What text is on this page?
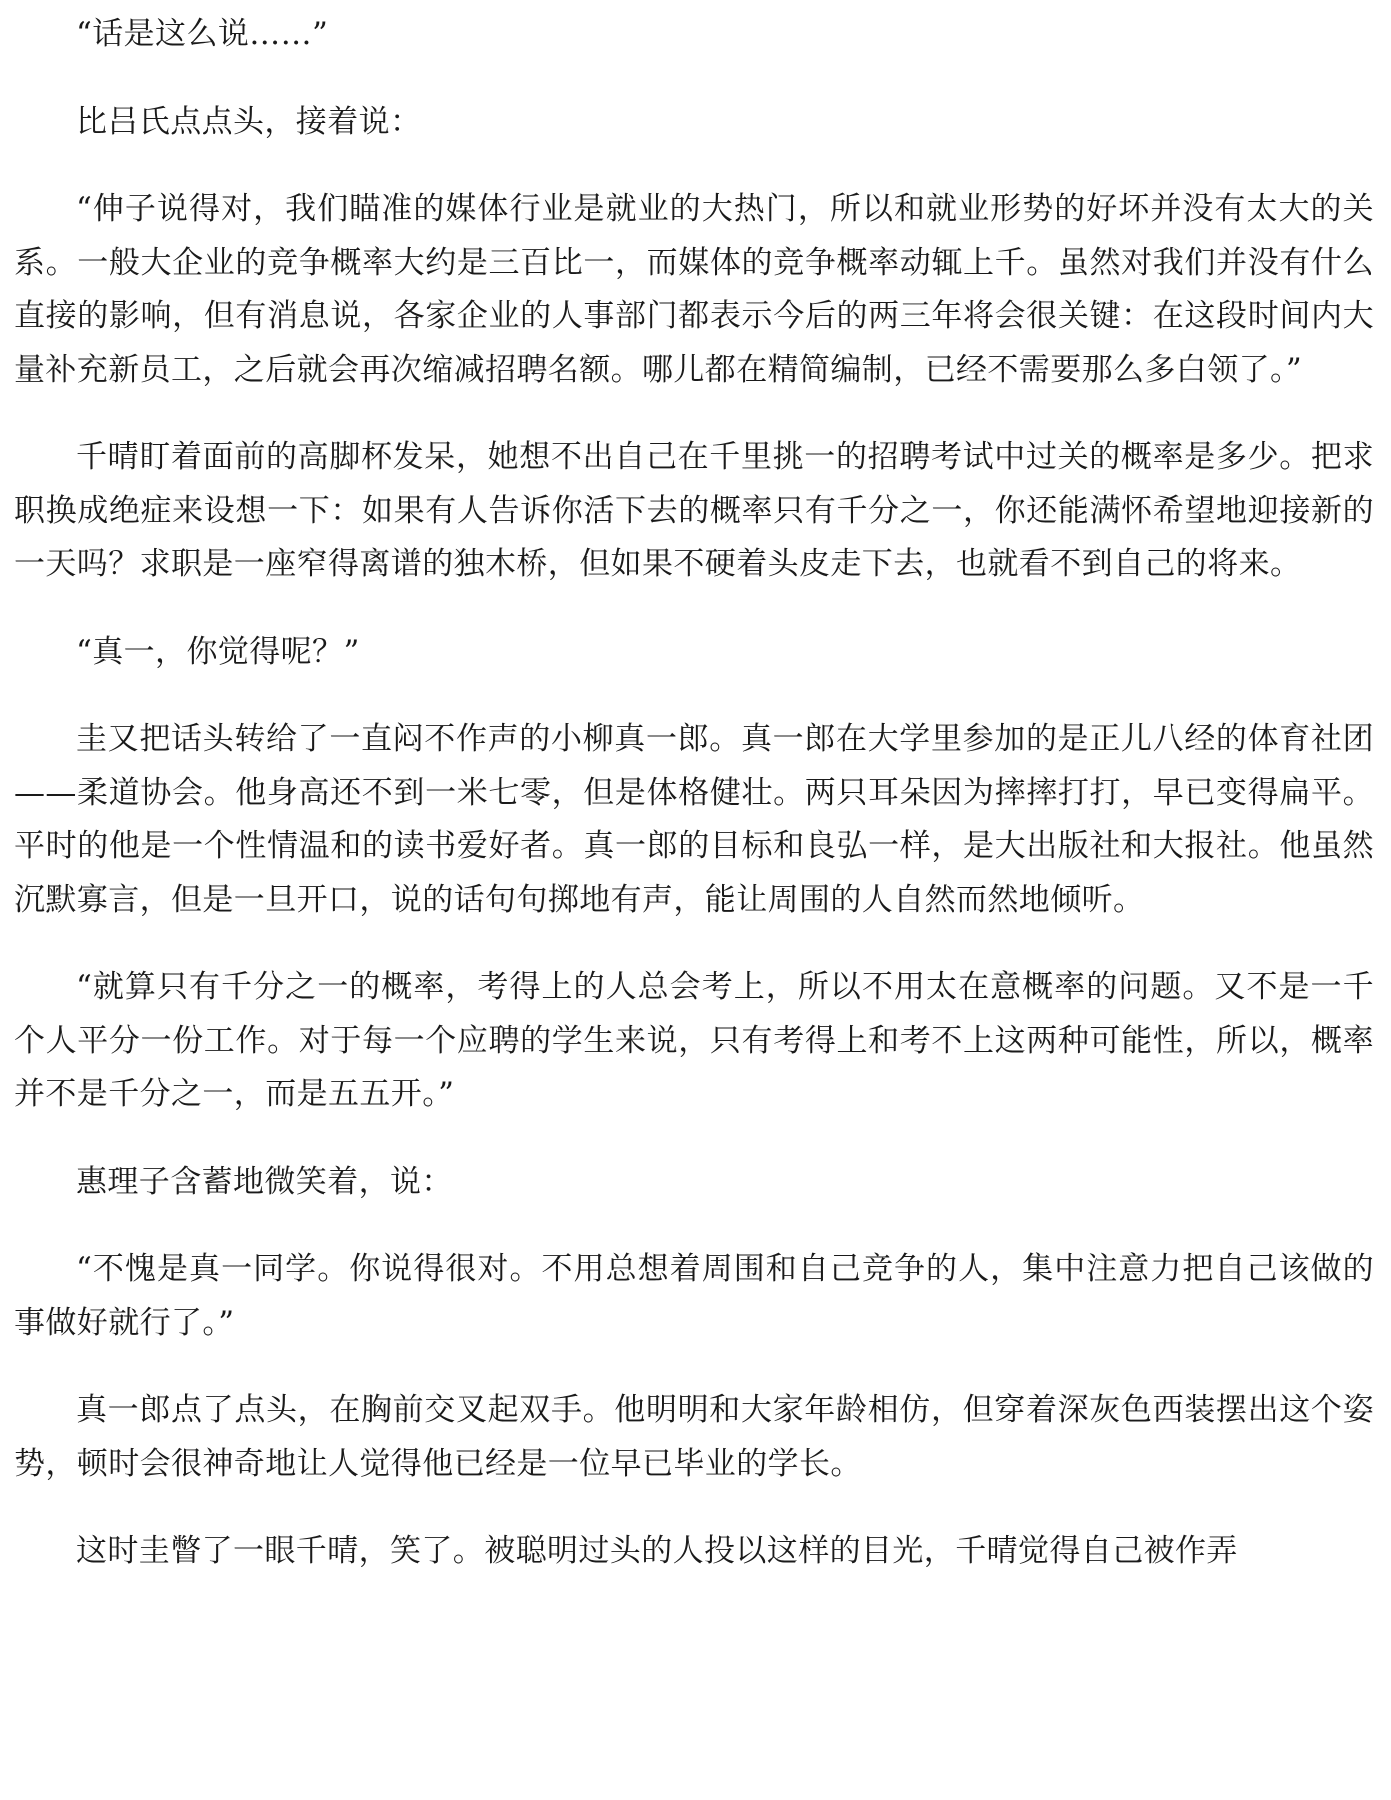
“话是这么说……”

比吕氏点点头，接着说：

“伸子说得对，我们瞄准的媒体行业是就业的大热门，所以和就业形势的好坏并没有太大的关系。一般大企业的竞争概率大约是三百比一，而媒体的竞争概率动辄上千。虽然对我们并没有什么直接的影响，但有消息说，各家企业的人事部门都表示今后的两三年将会很关键：在这段时间内大量补充新员工，之后就会再次缩减招聘名额。哪儿都在精简编制，已经不需要那么多白领了。”

千晴盯着面前的高脚杯发呆，她想不出自己在千里挑一的招聘考试中过关的概率是多少。把求职换成绝症来设想一下：如果有人告诉你活下去的概率只有千分之一，你还能满怀希望地迎接新的一天吗？求职是一座窄得离谱的独木桥，但如果不硬着头皮走下去，也就看不到自己的将来。

“真一，你觉得呢？”

圭又把话头转给了一直闷不作声的小柳真一郎。真一郎在大学里参加的是正儿八经的体育社团——柔道协会。他身高还不到一米七零，但是体格健壮。两只耳朵因为摔摔打打，早已变得扁平。平时的他是一个性情温和的读书爱好者。真一郎的目标和良弘一样，是大出版社和大报社。他虽然沉默寡言，但是一旦开口，说的话句句掷地有声，能让周围的人自然而然地倾听。

“就算只有千分之一的概率，考得上的人总会考上，所以不用太在意概率的问题。又不是一千个人平分一份工作。对于每一个应聘的学生来说，只有考得上和考不上这两种可能性，所以，概率并不是千分之一，而是五五开。”

惠理子含蓄地微笑着，说：

“不愧是真一同学。你说得很对。不用总想着周围和自己竞争的人，集中注意力把自己该做的事做好就行了。”

真一郎点了点头，在胸前交叉起双手。他明明和大家年龄相仿，但穿着深灰色西装摆出这个姿势，顿时会很神奇地让人觉得他已经是一位早已毕业的学长。

这时圭瞥了一眼千晴，笑了。被聪明过头的人投以这样的目光，千晴觉得自己被作弄
